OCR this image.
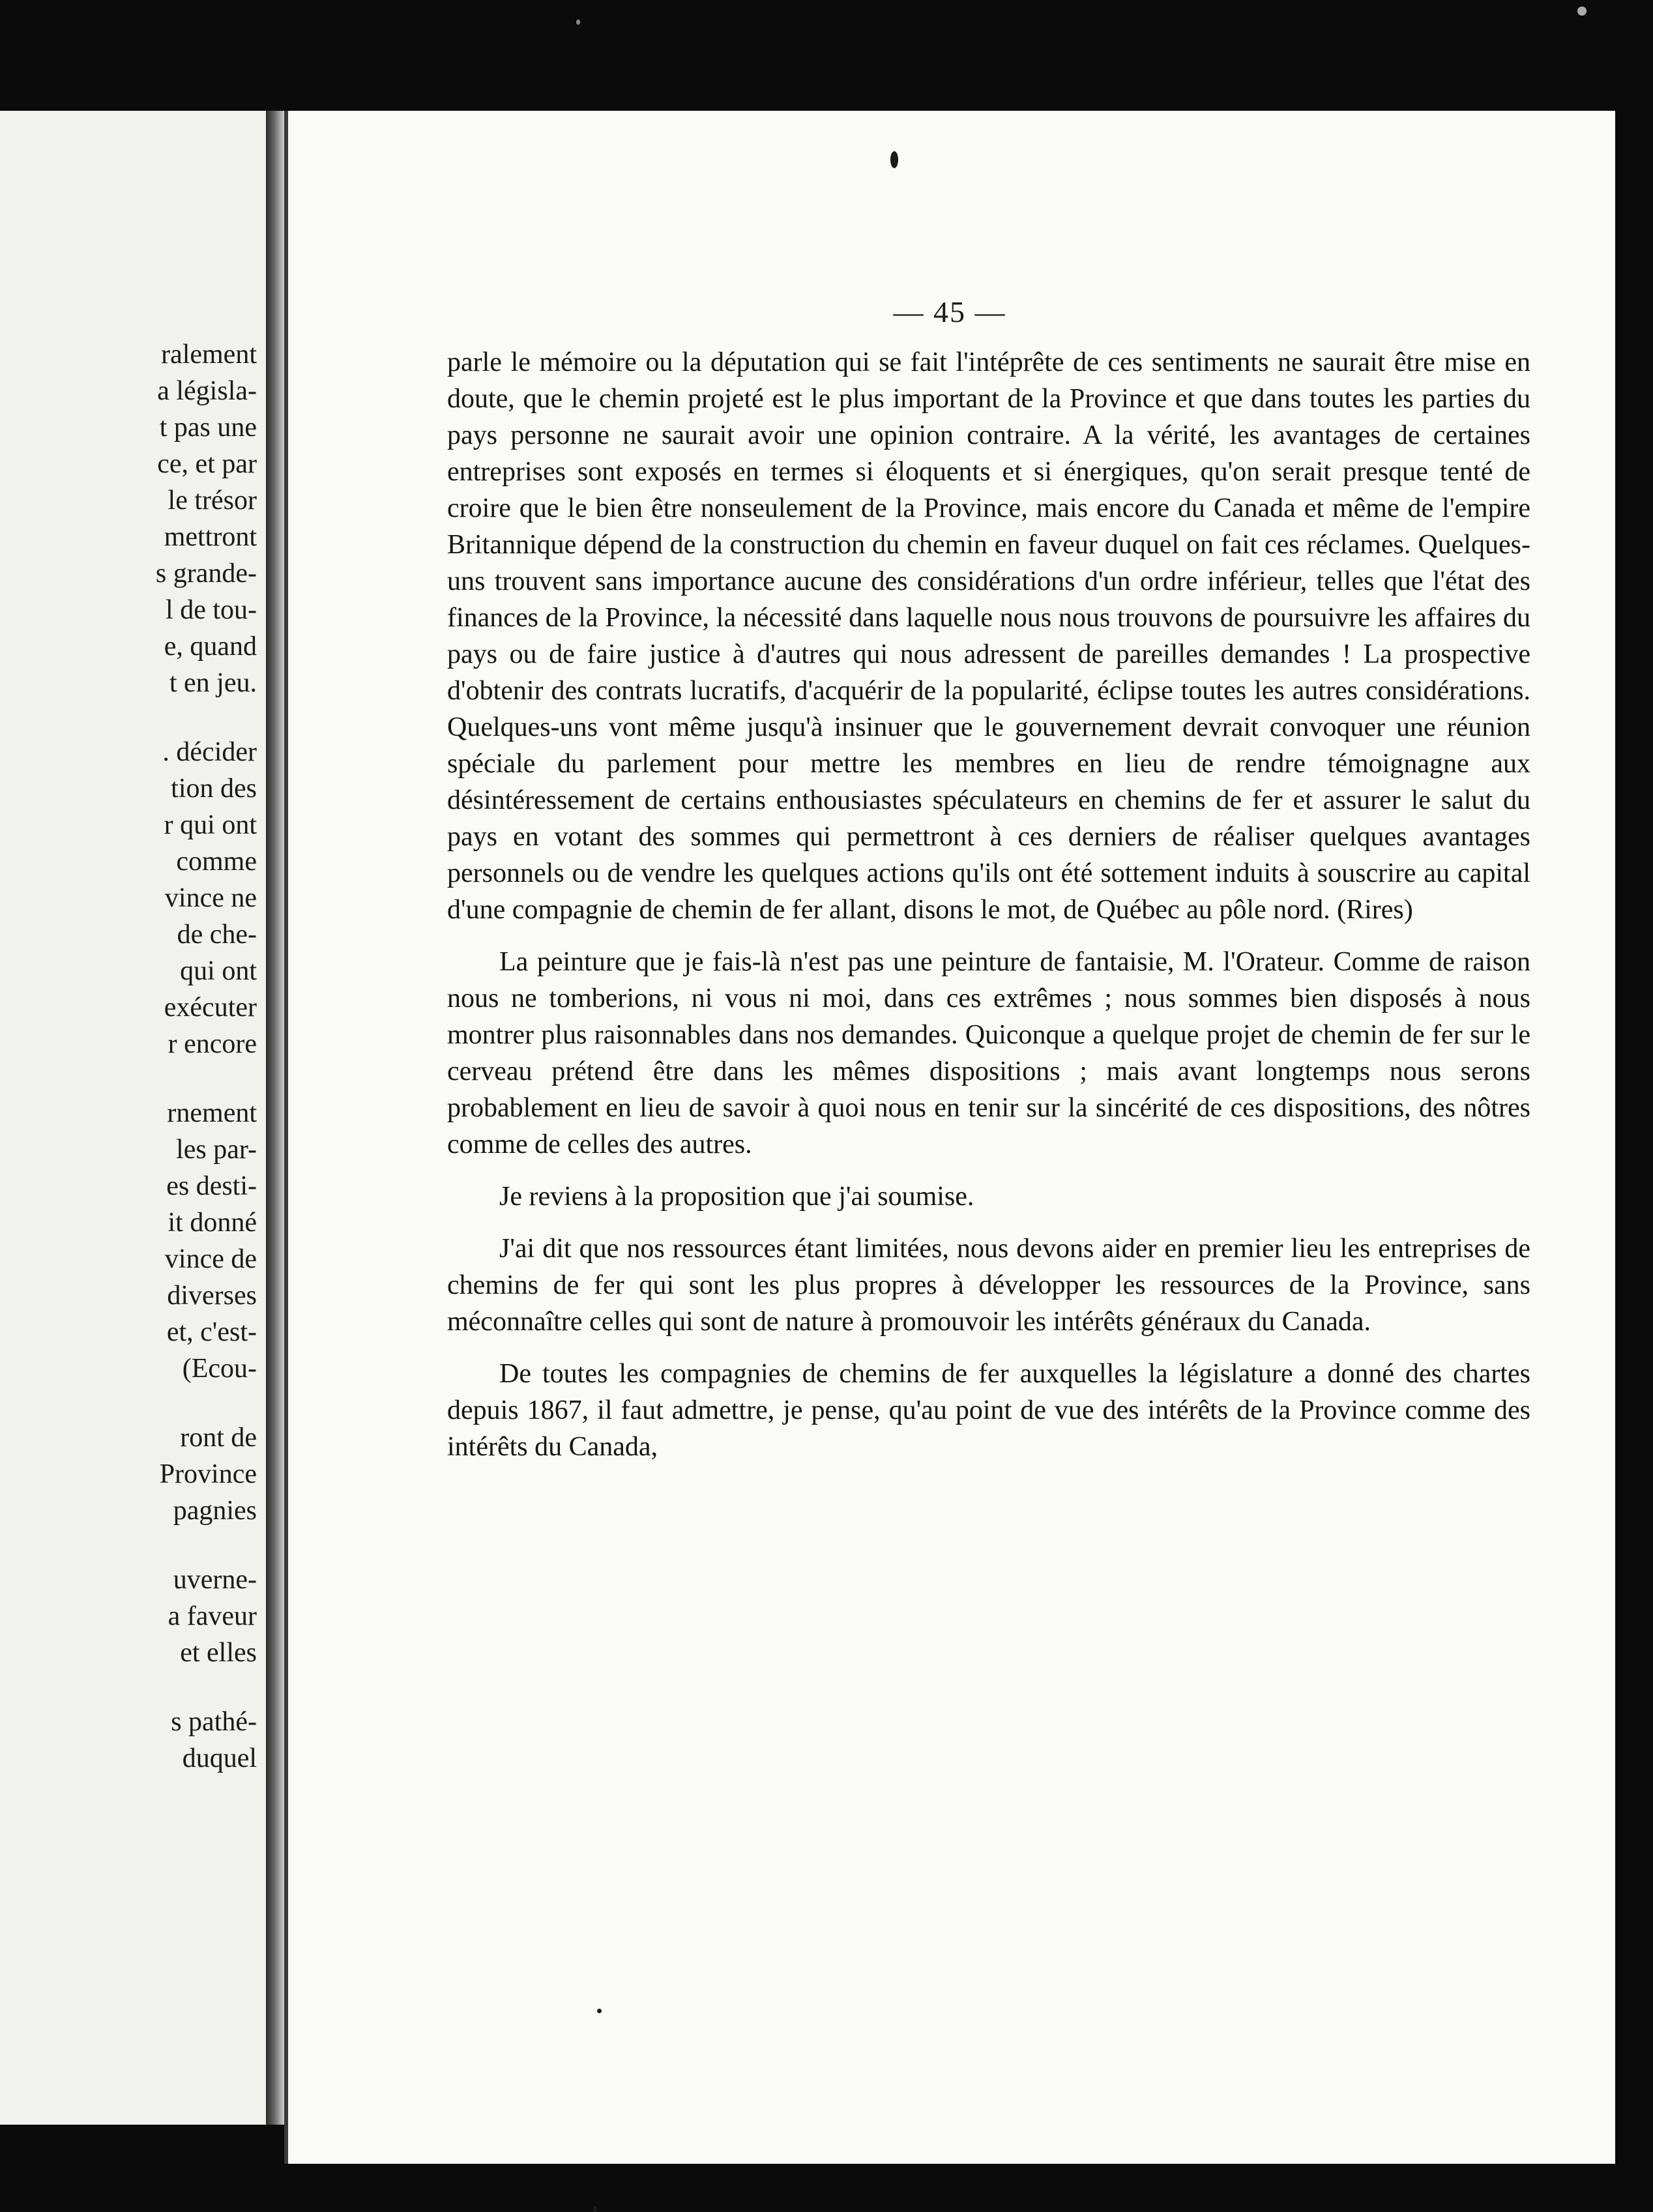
ralement
a législa-
t pas une
ce, et par
le trésor
mettront
s grande-
l de tou-
e, quand
t en jeu.
. décider
tion des
r qui ont
comme
vince ne
de che-
qui ont
exécuter
r encore
rnement
les par-
es desti-
it donné
vince de
diverses
et, c'est-
(Ecou-
ront de
Province
pagnies
uverne-
a faveur
et elles
s pathé-
duquel
— 45 —

parle le mémoire ou la députation qui se fait l'intéprête de ces sentiments ne saurait être mise en doute, que le chemin projeté est le plus important de la Province et que dans toutes les parties du pays personne ne saurait avoir une opinion contraire. A la vérité, les avantages de certaines entreprises sont exposés en termes si éloquents et si énergiques, qu'on serait presque tenté de croire que le bien être nonseulement de la Province, mais encore du Canada et même de l'empire Britannique dépend de la construction du chemin en faveur duquel on fait ces réclames. Quelques-uns trouvent sans importance aucune des considérations d'un ordre inférieur, telles que l'état des finances de la Province, la nécessité dans laquelle nous nous trouvons de poursuivre les affaires du pays ou de faire justice à d'autres qui nous adressent de pareilles demandes ! La prospective d'obtenir des contrats lucratifs, d'acquérir de la popularité, éclipse toutes les autres considérations. Quelques-uns vont même jusqu'à insinuer que le gouvernement devrait convoquer une réunion spéciale du parlement pour mettre les membres en lieu de rendre témoignagne aux désintéressement de certains enthousiastes spéculateurs en chemins de fer et assurer le salut du pays en votant des sommes qui permettront à ces derniers de réaliser quelques avantages personnels ou de vendre les quelques actions qu'ils ont été sottement induits à souscrire au capital d'une compagnie de chemin de fer allant, disons le mot, de Québec au pôle nord. (Rires)

La peinture que je fais-là n'est pas une peinture de fantaisie, M. l'Orateur. Comme de raison nous ne tomberions, ni vous ni moi, dans ces extrêmes ; nous sommes bien disposés à nous montrer plus raisonnables dans nos demandes. Quiconque a quelque projet de chemin de fer sur le cerveau prétend être dans les mêmes dispositions ; mais avant longtemps nous serons probablement en lieu de savoir à quoi nous en tenir sur la sincérité de ces dispositions, des nôtres comme de celles des autres.

Je reviens à la proposition que j'ai soumise.

J'ai dit que nos ressources étant limitées, nous devons aider en premier lieu les entreprises de chemins de fer qui sont les plus propres à développer les ressources de la Province, sans méconnaître celles qui sont de nature à promouvoir les intérêts généraux du Canada.

De toutes les compagnies de chemins de fer auxquelles la législature a donné des chartes depuis 1867, il faut admettre, je pense, qu'au point de vue des intérêts de la Province comme des intérêts du Canada,
